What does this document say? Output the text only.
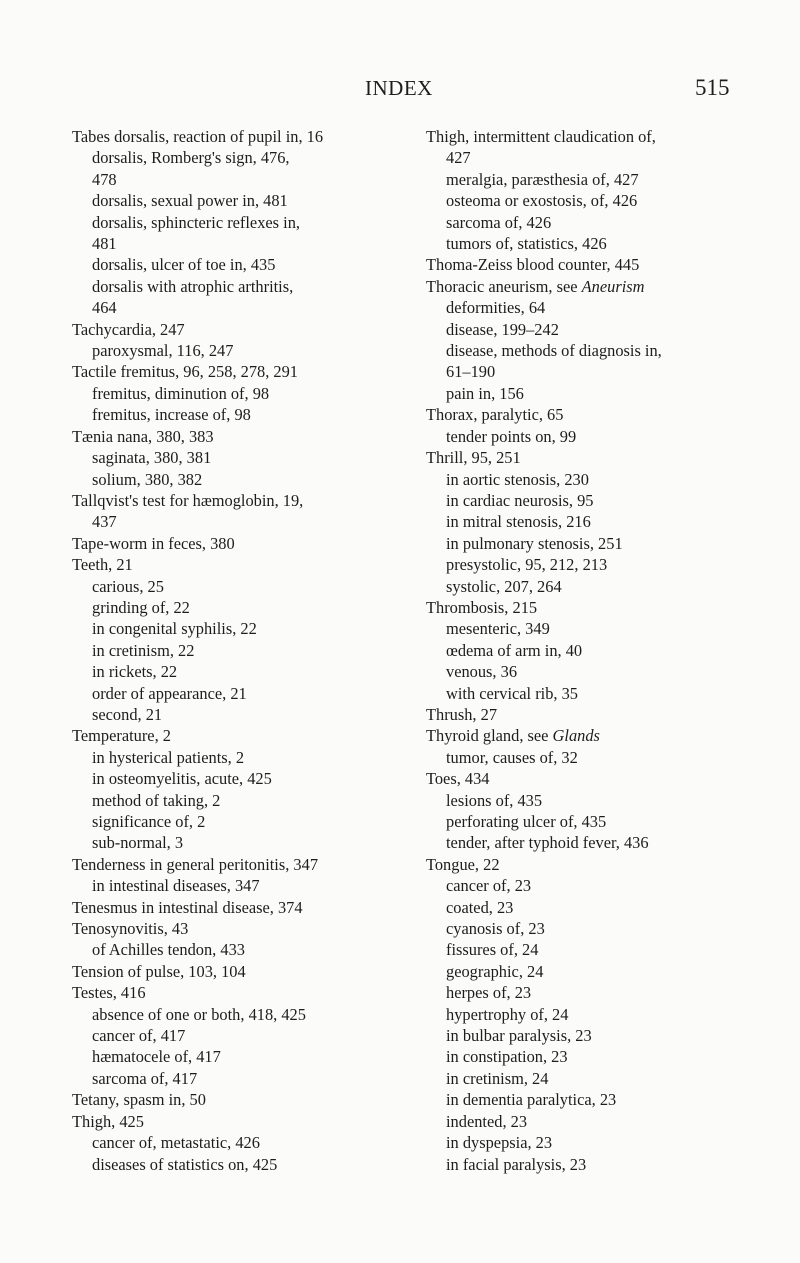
INDEX	515
Tabes dorsalis, reaction of pupil in, 16
dorsalis, Romberg's sign, 476,
478
dorsalis, sexual power in, 481
dorsalis, sphincteric reflexes in,
481
dorsalis, ulcer of toe in, 435
dorsalis with atrophic arthritis,
464
Tachycardia, 247
paroxysmal, 116, 247
Tactile fremitus, 96, 258, 278, 291
fremitus, diminution of, 98
fremitus, increase of, 98
Tænia nana, 380, 383
saginata, 380, 381
solium, 380, 382
Tallqvist's test for hæmoglobin, 19,
437
Tape-worm in feces, 380
Teeth, 21
carious, 25
grinding of, 22
in congenital syphilis, 22
in cretinism, 22
in rickets, 22
order of appearance, 21
second, 21
Temperature, 2
in hysterical patients, 2
in osteomyelitis, acute, 425
method of taking, 2
significance of, 2
sub-normal, 3
Tenderness in general peritonitis, 347
in intestinal diseases, 347
Tenesmus in intestinal disease, 374
Tenosynovitis, 43
of Achilles tendon, 433
Tension of pulse, 103, 104
Testes, 416
absence of one or both, 418, 425
cancer of, 417
hæmatocele of, 417
sarcoma of, 417
Tetany, spasm in, 50
Thigh, 425
cancer of, metastatic, 426
diseases of statistics on, 425
Thigh, intermittent claudication of,
427
meralgia, paræsthesia of, 427
osteoma or exostosis, of, 426
sarcoma of, 426
tumors of, statistics, 426
Thoma-Zeiss blood counter, 445
Thoracic aneurism, see Aneurism
deformities, 64
disease, 199–242
disease, methods of diagnosis in,
61–190
pain in, 156
Thorax, paralytic, 65
tender points on, 99
Thrill, 95, 251
in aortic stenosis, 230
in cardiac neurosis, 95
in mitral stenosis, 216
in pulmonary stenosis, 251
presystolic, 95, 212, 213
systolic, 207, 264
Thrombosis, 215
mesenteric, 349
œdema of arm in, 40
venous, 36
with cervical rib, 35
Thrush, 27
Thyroid gland, see Glands
tumor, causes of, 32
Toes, 434
lesions of, 435
perforating ulcer of, 435
tender, after typhoid fever, 436
Tongue, 22
cancer of, 23
coated, 23
cyanosis of, 23
fissures of, 24
geographic, 24
herpes of, 23
hypertrophy of, 24
in bulbar paralysis, 23
in constipation, 23
in cretinism, 24
in dementia paralytica, 23
indented, 23
in dyspepsia, 23
in facial paralysis, 23
